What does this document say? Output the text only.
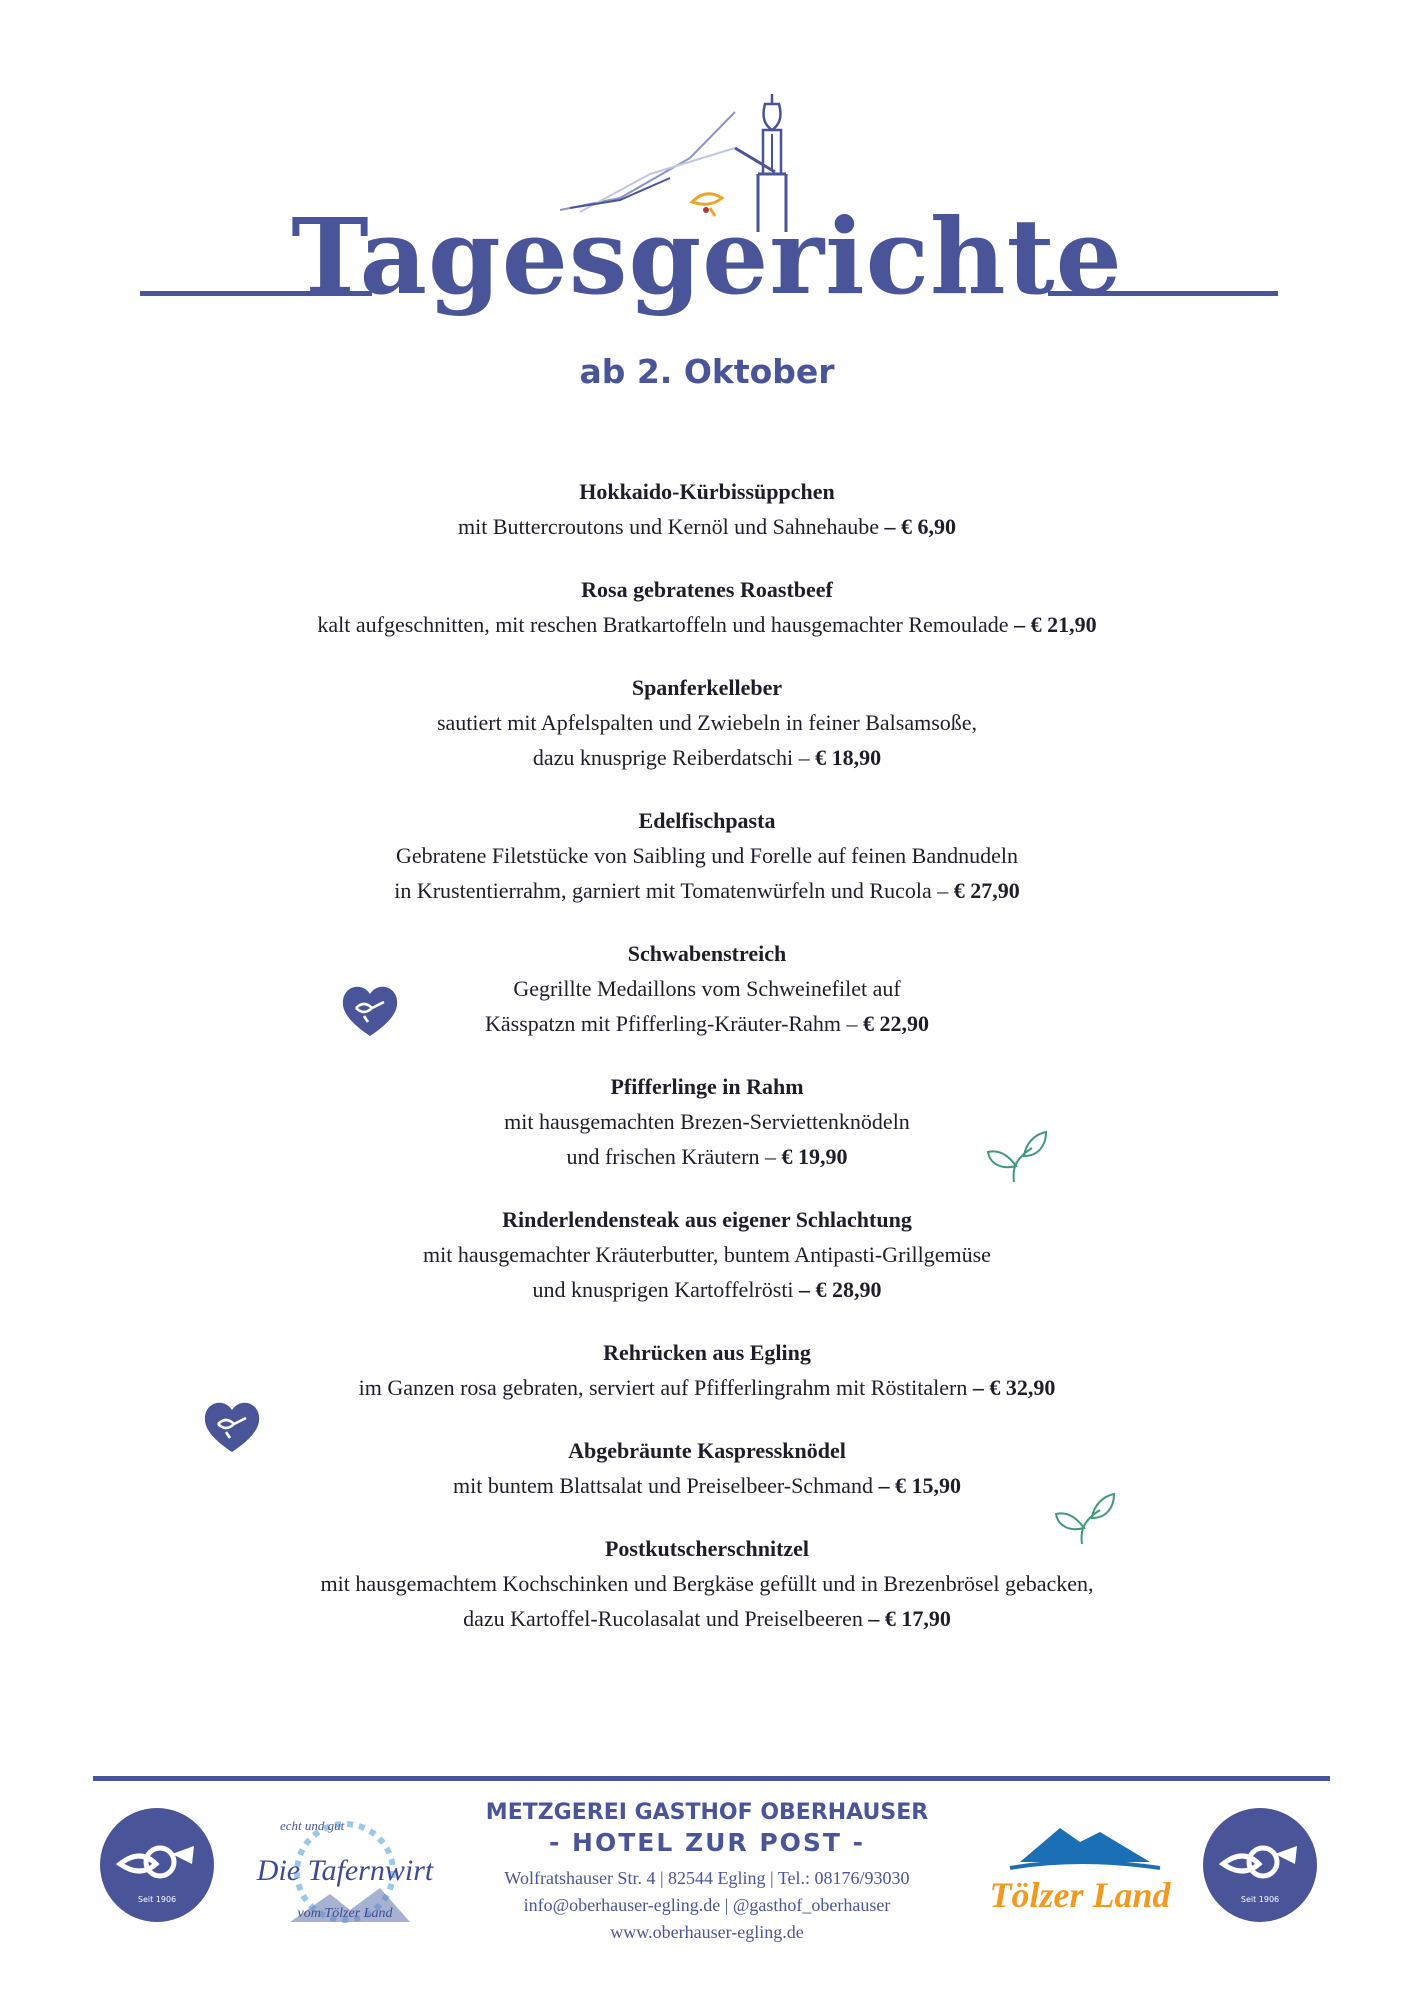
Tagesgerichte
ab 2. Oktober
Hokkaido-Kürbissüppchen
mit Buttercroutons und Kernöl und Sahnehaube – € 6,90
Rosa gebratenes Roastbeef
kalt aufgeschnitten, mit reschen Bratkartoffeln und hausgemachter Remoulade – € 21,90
Spanferkelleber
sautiert mit Apfelspalten und Zwiebeln in feiner Balsamsoße,
dazu knusprige Reiberdatschi – € 18,90
Edelfischpasta
Gebratene Filetstücke von Saibling und Forelle auf feinen Bandnudeln
in Krustentierrahm, garniert mit Tomatenwürfeln und Rucola – € 27,90
Schwabenstreich
Gegrillte Medaillons vom Schweinefilet auf
Kässpatzn mit Pfifferling-Kräuter-Rahm – € 22,90
Pfifferlinge in Rahm
mit hausgemachten Brezen-Serviettenknödeln
und frischen Kräutern – € 19,90
Rinderlendensteak aus eigener Schlachtung
mit hausgemachter Kräuterbutter, buntem Antipasti-Grillgemüse
und knusprigen Kartoffelrösti – € 28,90
Rehrücken aus Egling
im Ganzen rosa gebraten, serviert auf Pfifferlingrahm mit Röstitalern – € 32,90
Abgebräunte Kaspressknödel
mit buntem Blattsalat und Preiselbeer-Schmand – € 15,90
Postkutscherschnitzel
mit hausgemachtem Kochschinken und Bergkäse gefüllt und in Brezenbrösel gebacken,
dazu Kartoffel-Rucolasalat und Preiselbeeren – € 17,90
Seit 1906	Seit 1906
echt und gut
Die Tafernwirt
vom Tölzer Land
METZGEREI GASTHOF OBERHAUSER
- HOTEL ZUR POST -
Wolfratshauser Str. 4 | 82544 Egling | Tel.: 08176/93030
info@oberhauser-egling.de | @gasthof_oberhauser
www.oberhauser-egling.de
Tölzer Land
